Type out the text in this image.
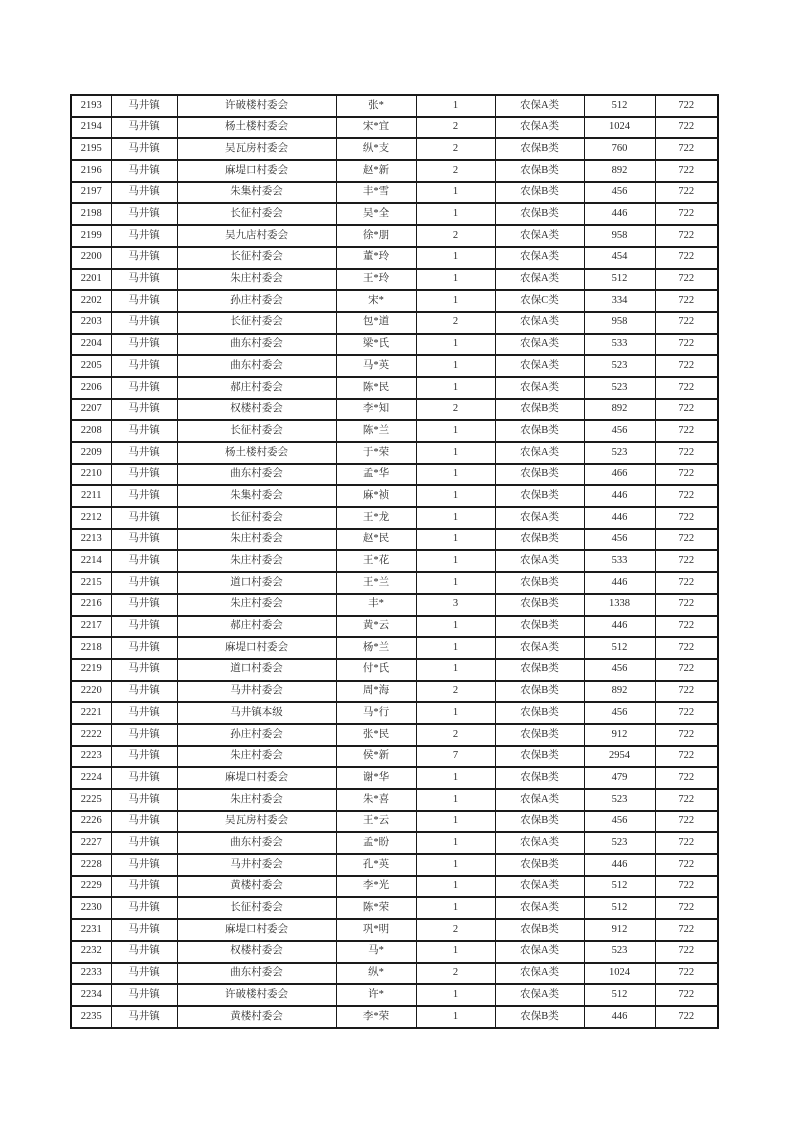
2193	马井镇	许破楼村委会	张*	1	农保A类	512	722
2194	马井镇	杨土楼村委会	宋*宜	2	农保A类	1024	722
2195	马井镇	吴瓦房村委会	纵*支	2	农保B类	760	722
2196	马井镇	麻堤口村委会	赵*新	2	农保B类	892	722
2197	马井镇	朱集村委会	丰*雪	1	农保B类	456	722
2198	马井镇	长征村委会	吴*全	1	农保B类	446	722
2199	马井镇	吴九店村委会	徐*朋	2	农保A类	958	722
2200	马井镇	长征村委会	董*玲	1	农保A类	454	722
2201	马井镇	朱庄村委会	王*玲	1	农保A类	512	722
2202	马井镇	孙庄村委会	宋*	1	农保C类	334	722
2203	马井镇	长征村委会	包*道	2	农保A类	958	722
2204	马井镇	曲东村委会	梁*氏	1	农保A类	533	722
2205	马井镇	曲东村委会	马*英	1	农保A类	523	722
2206	马井镇	郝庄村委会	陈*民	1	农保A类	523	722
2207	马井镇	权楼村委会	李*知	2	农保B类	892	722
2208	马井镇	长征村委会	陈*兰	1	农保B类	456	722
2209	马井镇	杨土楼村委会	于*荣	1	农保A类	523	722
2210	马井镇	曲东村委会	孟*华	1	农保B类	466	722
2211	马井镇	朱集村委会	麻*祯	1	农保B类	446	722
2212	马井镇	长征村委会	王*龙	1	农保A类	446	722
2213	马井镇	朱庄村委会	赵*民	1	农保B类	456	722
2214	马井镇	朱庄村委会	王*花	1	农保A类	533	722
2215	马井镇	道口村委会	王*兰	1	农保B类	446	722
2216	马井镇	朱庄村委会	丰*	3	农保B类	1338	722
2217	马井镇	郝庄村委会	黄*云	1	农保B类	446	722
2218	马井镇	麻堤口村委会	杨*兰	1	农保A类	512	722
2219	马井镇	道口村委会	付*氏	1	农保B类	456	722
2220	马井镇	马井村委会	周*海	2	农保B类	892	722
2221	马井镇	马井镇本级	马*行	1	农保B类	456	722
2222	马井镇	孙庄村委会	张*民	2	农保B类	912	722
2223	马井镇	朱庄村委会	侯*新	7	农保B类	2954	722
2224	马井镇	麻堤口村委会	谢*华	1	农保B类	479	722
2225	马井镇	朱庄村委会	朱*喜	1	农保A类	523	722
2226	马井镇	吴瓦房村委会	王*云	1	农保B类	456	722
2227	马井镇	曲东村委会	孟*盼	1	农保A类	523	722
2228	马井镇	马井村委会	孔*英	1	农保B类	446	722
2229	马井镇	黄楼村委会	李*光	1	农保A类	512	722
2230	马井镇	长征村委会	陈*荣	1	农保A类	512	722
2231	马井镇	麻堤口村委会	巩*明	2	农保B类	912	722
2232	马井镇	权楼村委会	马*	1	农保A类	523	722
2233	马井镇	曲东村委会	纵*	2	农保A类	1024	722
2234	马井镇	许破楼村委会	许*	1	农保A类	512	722
2235	马井镇	黄楼村委会	李*荣	1	农保B类	446	722
